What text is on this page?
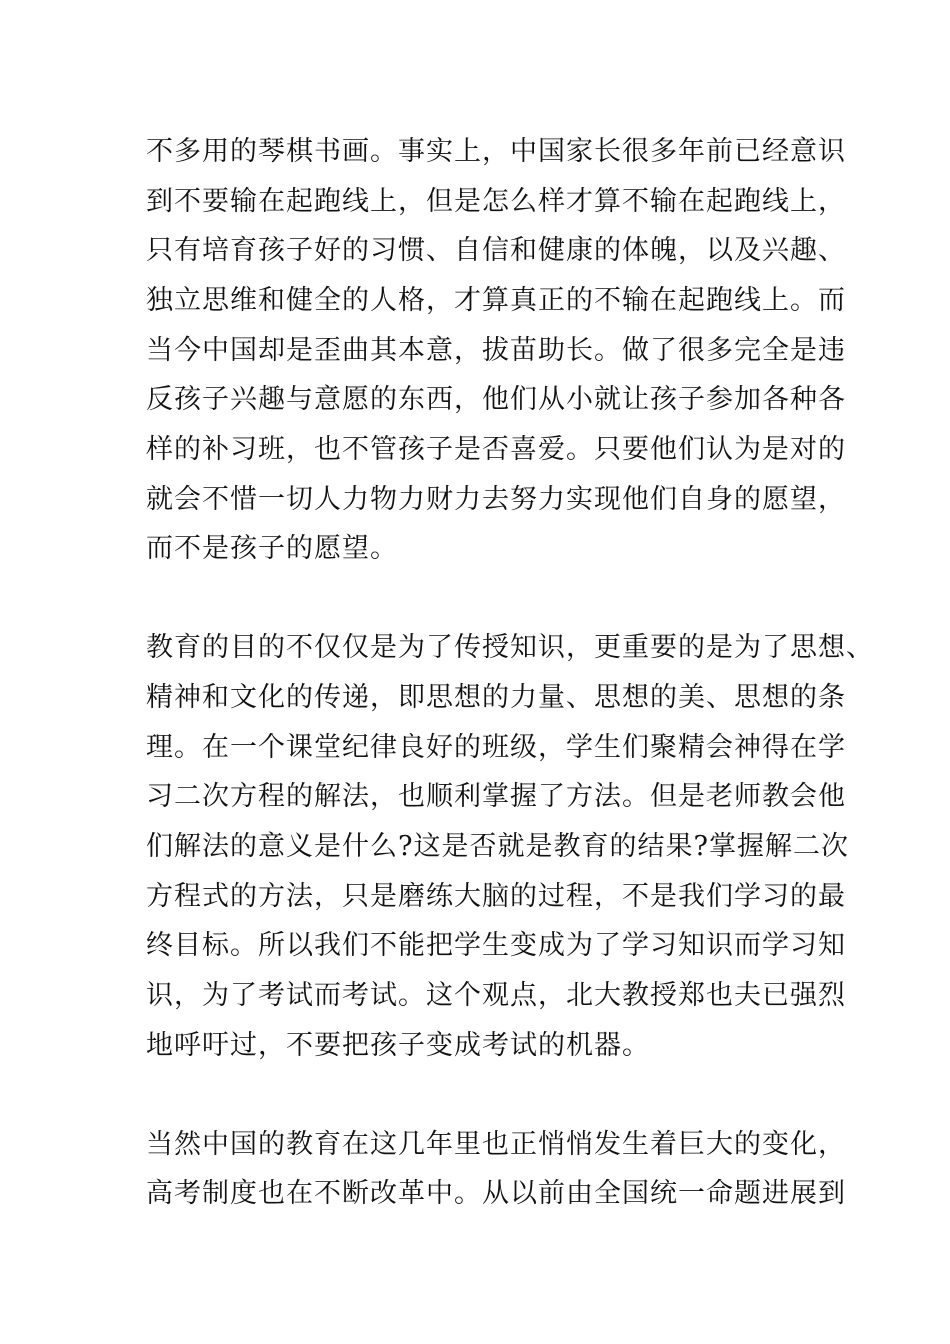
不多用的琴棋书画。事实上，中国家长很多年前已经意识
到不要输在起跑线上，但是怎么样才算不输在起跑线上，
只有培育孩子好的习惯、自信和健康的体魄，以及兴趣、
独立思维和健全的人格，才算真正的不输在起跑线上。而
当今中国却是歪曲其本意，拔苗助长。做了很多完全是违
反孩子兴趣与意愿的东西，他们从小就让孩子参加各种各
样的补习班，也不管孩子是否喜爱。只要他们认为是对的
就会不惜一切人力物力财力去努力实现他们自身的愿望，
而不是孩子的愿望。
教育的目的不仅仅是为了传授知识，更重要的是为了思想、
精神和文化的传递，即思想的力量、思想的美、思想的条
理。在一个课堂纪律良好的班级，学生们聚精会神得在学
习二次方程的解法，也顺利掌握了方法。但是老师教会他
们解法的意义是什么?这是否就是教育的结果?掌握解二次
方程式的方法，只是磨练大脑的过程，不是我们学习的最
终目标。所以我们不能把学生变成为了学习知识而学习知
识，为了考试而考试。这个观点，北大教授郑也夫已强烈
地呼吁过，不要把孩子变成考试的机器。
当然中国的教育在这几年里也正悄悄发生着巨大的变化，
高考制度也在不断改革中。从以前由全国统一命题进展到
